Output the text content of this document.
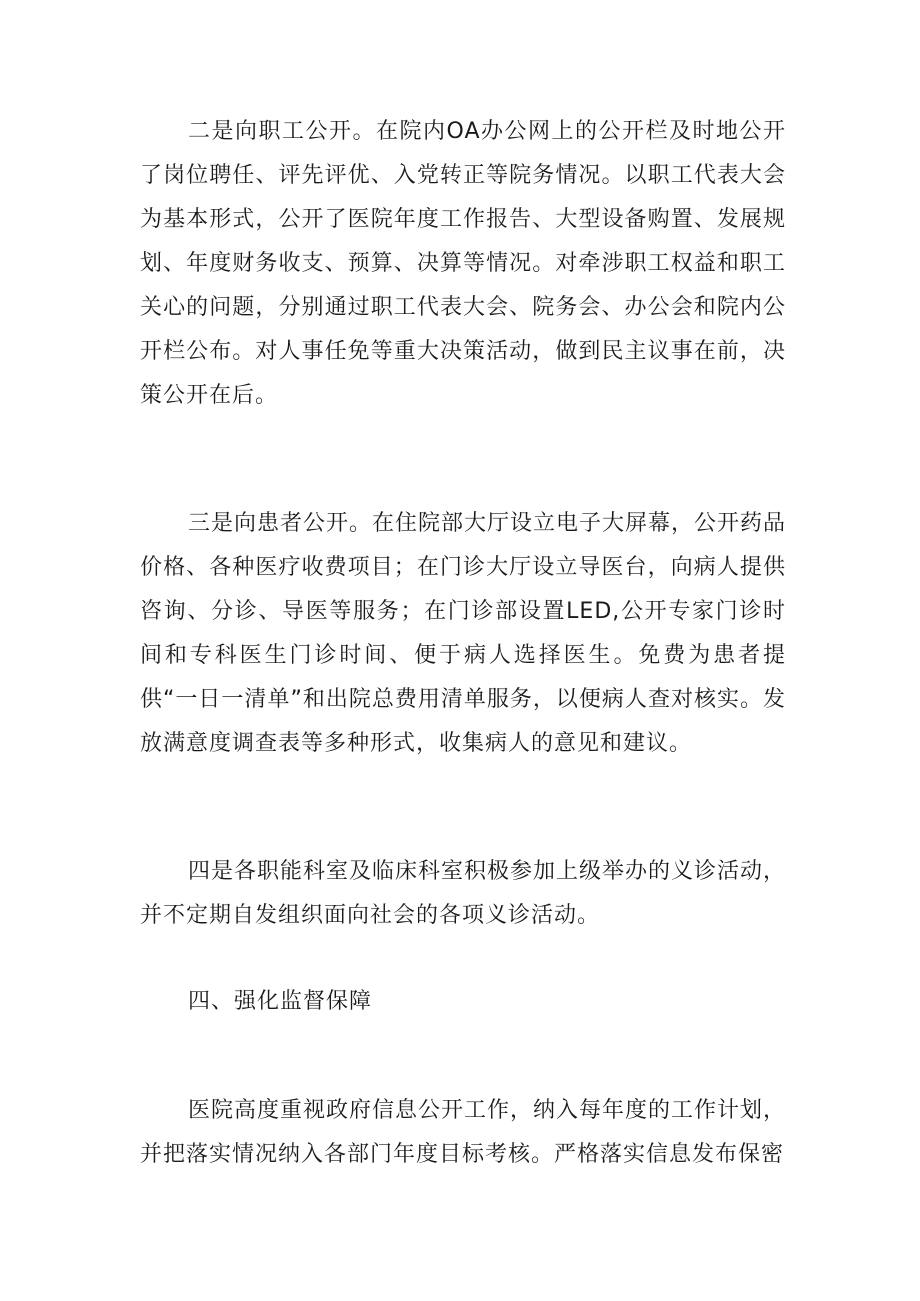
二是向职工公开。在院内OA办公网上的公开栏及时地公开了岗位聘任、评先评优、入党转正等院务情况。以职工代表大会为基本形式，公开了医院年度工作报告、大型设备购置、发展规划、年度财务收支、预算、决算等情况。对牵涉职工权益和职工关心的问题，分别通过职工代表大会、院务会、办公会和院内公开栏公布。对人事任免等重大决策活动，做到民主议事在前，决策公开在后。

三是向患者公开。在住院部大厅设立电子大屏幕，公开药品价格、各种医疗收费项目；在门诊大厅设立导医台，向病人提供咨询、分诊、导医等服务；在门诊部设置LED,公开专家门诊时间和专科医生门诊时间、便于病人选择医生。免费为患者提供“一日一清单”和出院总费用清单服务，以便病人查对核实。发放满意度调查表等多种形式，收集病人的意见和建议。

四是各职能科室及临床科室积极参加上级举办的义诊活动，并不定期自发组织面向社会的各项义诊活动。

四、强化监督保障

医院高度重视政府信息公开工作，纳入每年度的工作计划，并把落实情况纳入各部门年度目标考核。严格落实信息发布保密
